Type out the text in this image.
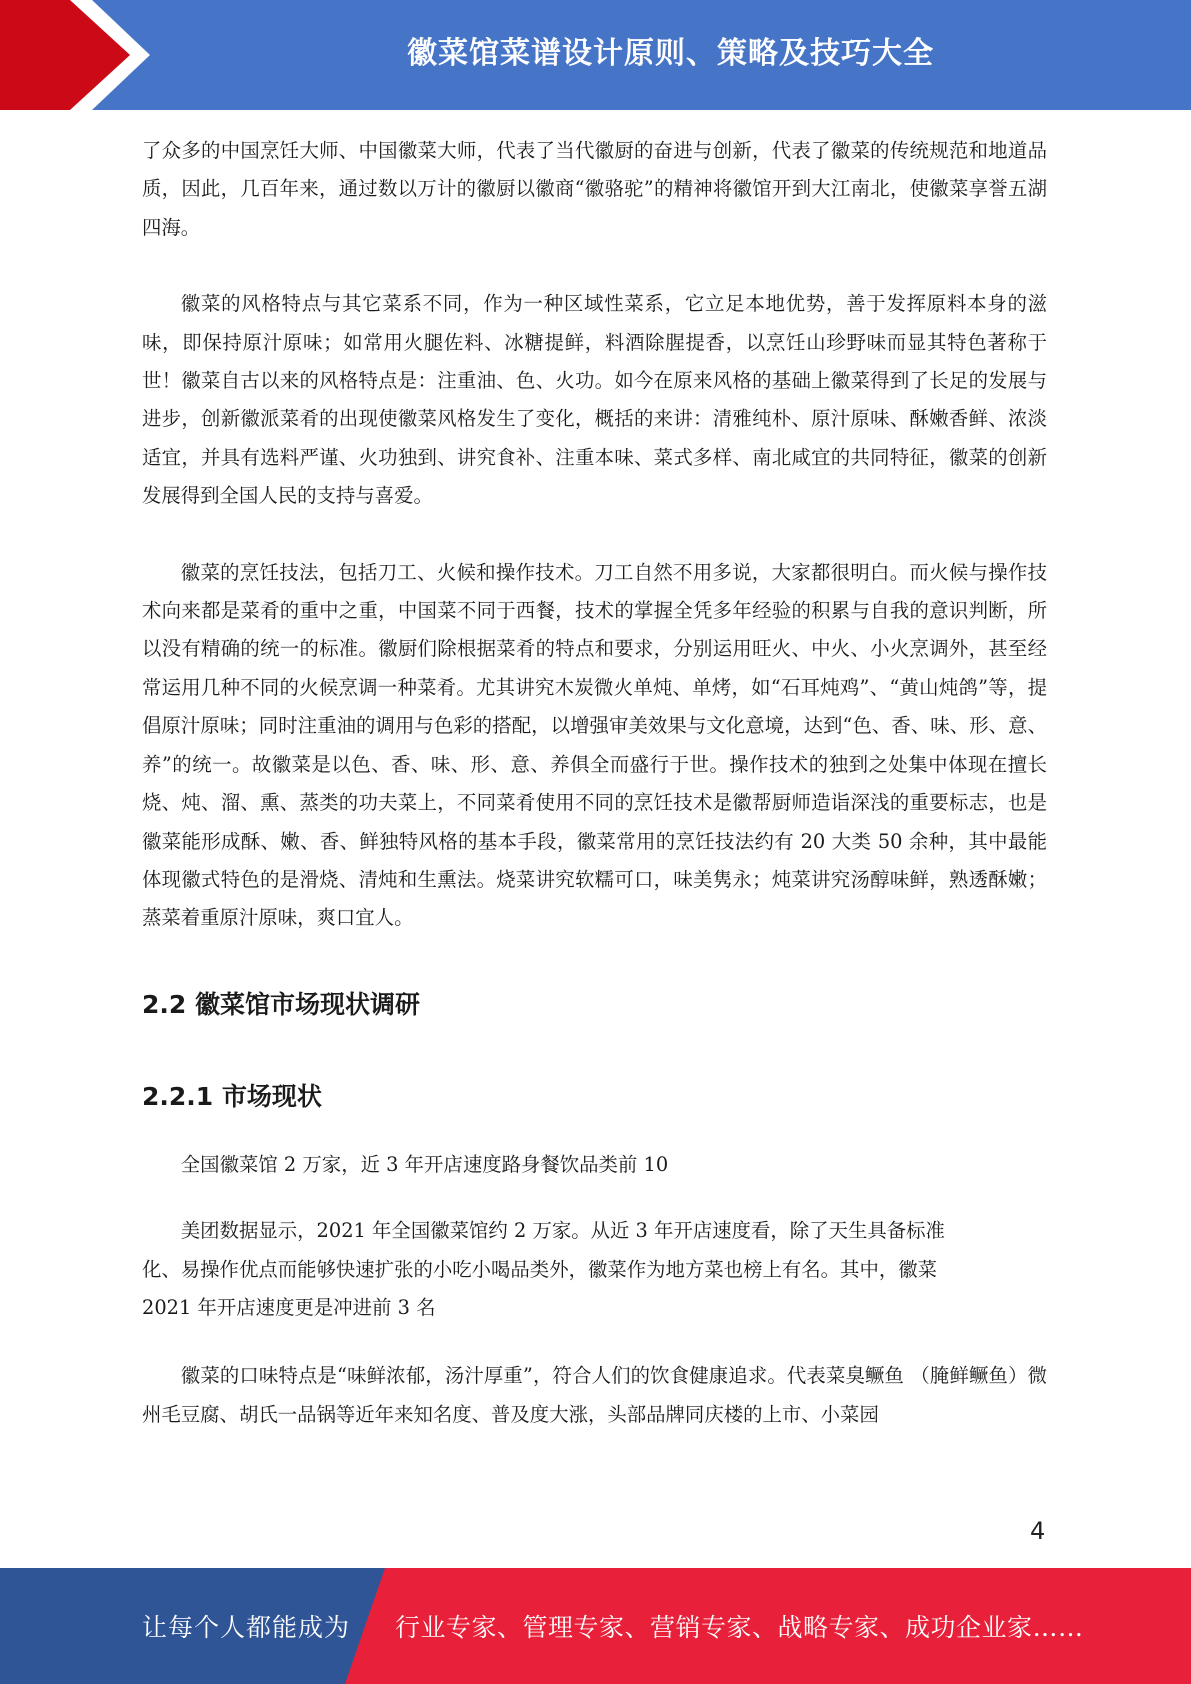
徽菜馆菜谱设计原则、策略及技巧大全

了众多的中国烹饪大师、中国徽菜大师，代表了当代徽厨的奋进与创新，代表了徽菜的传统规范和地道品质，因此，几百年来，通过数以万计的徽厨以徽商“徽骆驼”的精神将徽馆开到大江南北，使徽菜享誉五湖四海。

徽菜的风格特点与其它菜系不同，作为一种区域性菜系，它立足本地优势，善于发挥原料本身的滋味，即保持原汁原味；如常用火腿佐料、冰糖提鲜，料酒除腥提香，以烹饪山珍野味而显其特色著称于世！徽菜自古以来的风格特点是：注重油、色、火功。如今在原来风格的基础上徽菜得到了长足的发展与进步，创新徽派菜肴的出现使徽菜风格发生了变化，概括的来讲：清雅纯朴、原汁原味、酥嫩香鲜、浓淡适宜，并具有选料严谨、火功独到、讲究食补、注重本味、菜式多样、南北咸宜的共同特征，徽菜的创新发展得到全国人民的支持与喜爱。

徽菜的烹饪技法，包括刀工、火候和操作技术。刀工自然不用多说，大家都很明白。而火候与操作技术向来都是菜肴的重中之重，中国菜不同于西餐，技术的掌握全凭多年经验的积累与自我的意识判断，所以没有精确的统一的标准。徽厨们除根据菜肴的特点和要求，分别运用旺火、中火、小火烹调外，甚至经常运用几种不同的火候烹调一种菜肴。尤其讲究木炭微火单炖、单烤，如“石耳炖鸡”、“黄山炖鸽”等，提倡原汁原味；同时注重油的调用与色彩的搭配，以增强审美效果与文化意境，达到“色、香、味、形、意、养”的统一。故徽菜是以色、香、味、形、意、养俱全而盛行于世。操作技术的独到之处集中体现在擅长烧、炖、溜、熏、蒸类的功夫菜上，不同菜肴使用不同的烹饪技术是徽帮厨师造诣深浅的重要标志，也是徽菜能形成酥、嫩、香、鲜独特风格的基本手段，徽菜常用的烹饪技法约有 20 大类 50 余种，其中最能体现徽式特色的是滑烧、清炖和生熏法。烧菜讲究软糯可口，味美隽永；炖菜讲究汤醇味鲜，熟透酥嫩；蒸菜着重原汁原味，爽口宜人。

2.2 徽菜馆市场现状调研
2.2.1 市场现状

全国徽菜馆 2 万家，近 3 年开店速度路身餐饮品类前 10

美团数据显示，2021 年全国徽菜馆约 2 万家。从近 3 年开店速度看，除了天生具备标准
化、易操作优点而能够快速扩张的小吃小喝品类外，徽菜作为地方菜也榜上有名。其中，徽菜
2021 年开店速度更是冲进前 3 名

徽菜的口味特点是“味鲜浓郁，汤汁厚重”，符合人们的饮食健康追求。代表菜臭鳜鱼 （腌鲜鳜鱼）微州毛豆腐、胡氏一品锅等近年来知名度、普及度大涨，头部品牌同庆楼的上市、小菜园

4
让每个人都能成为 行业专家、管理专家、营销专家、战略专家、成功企业家……
